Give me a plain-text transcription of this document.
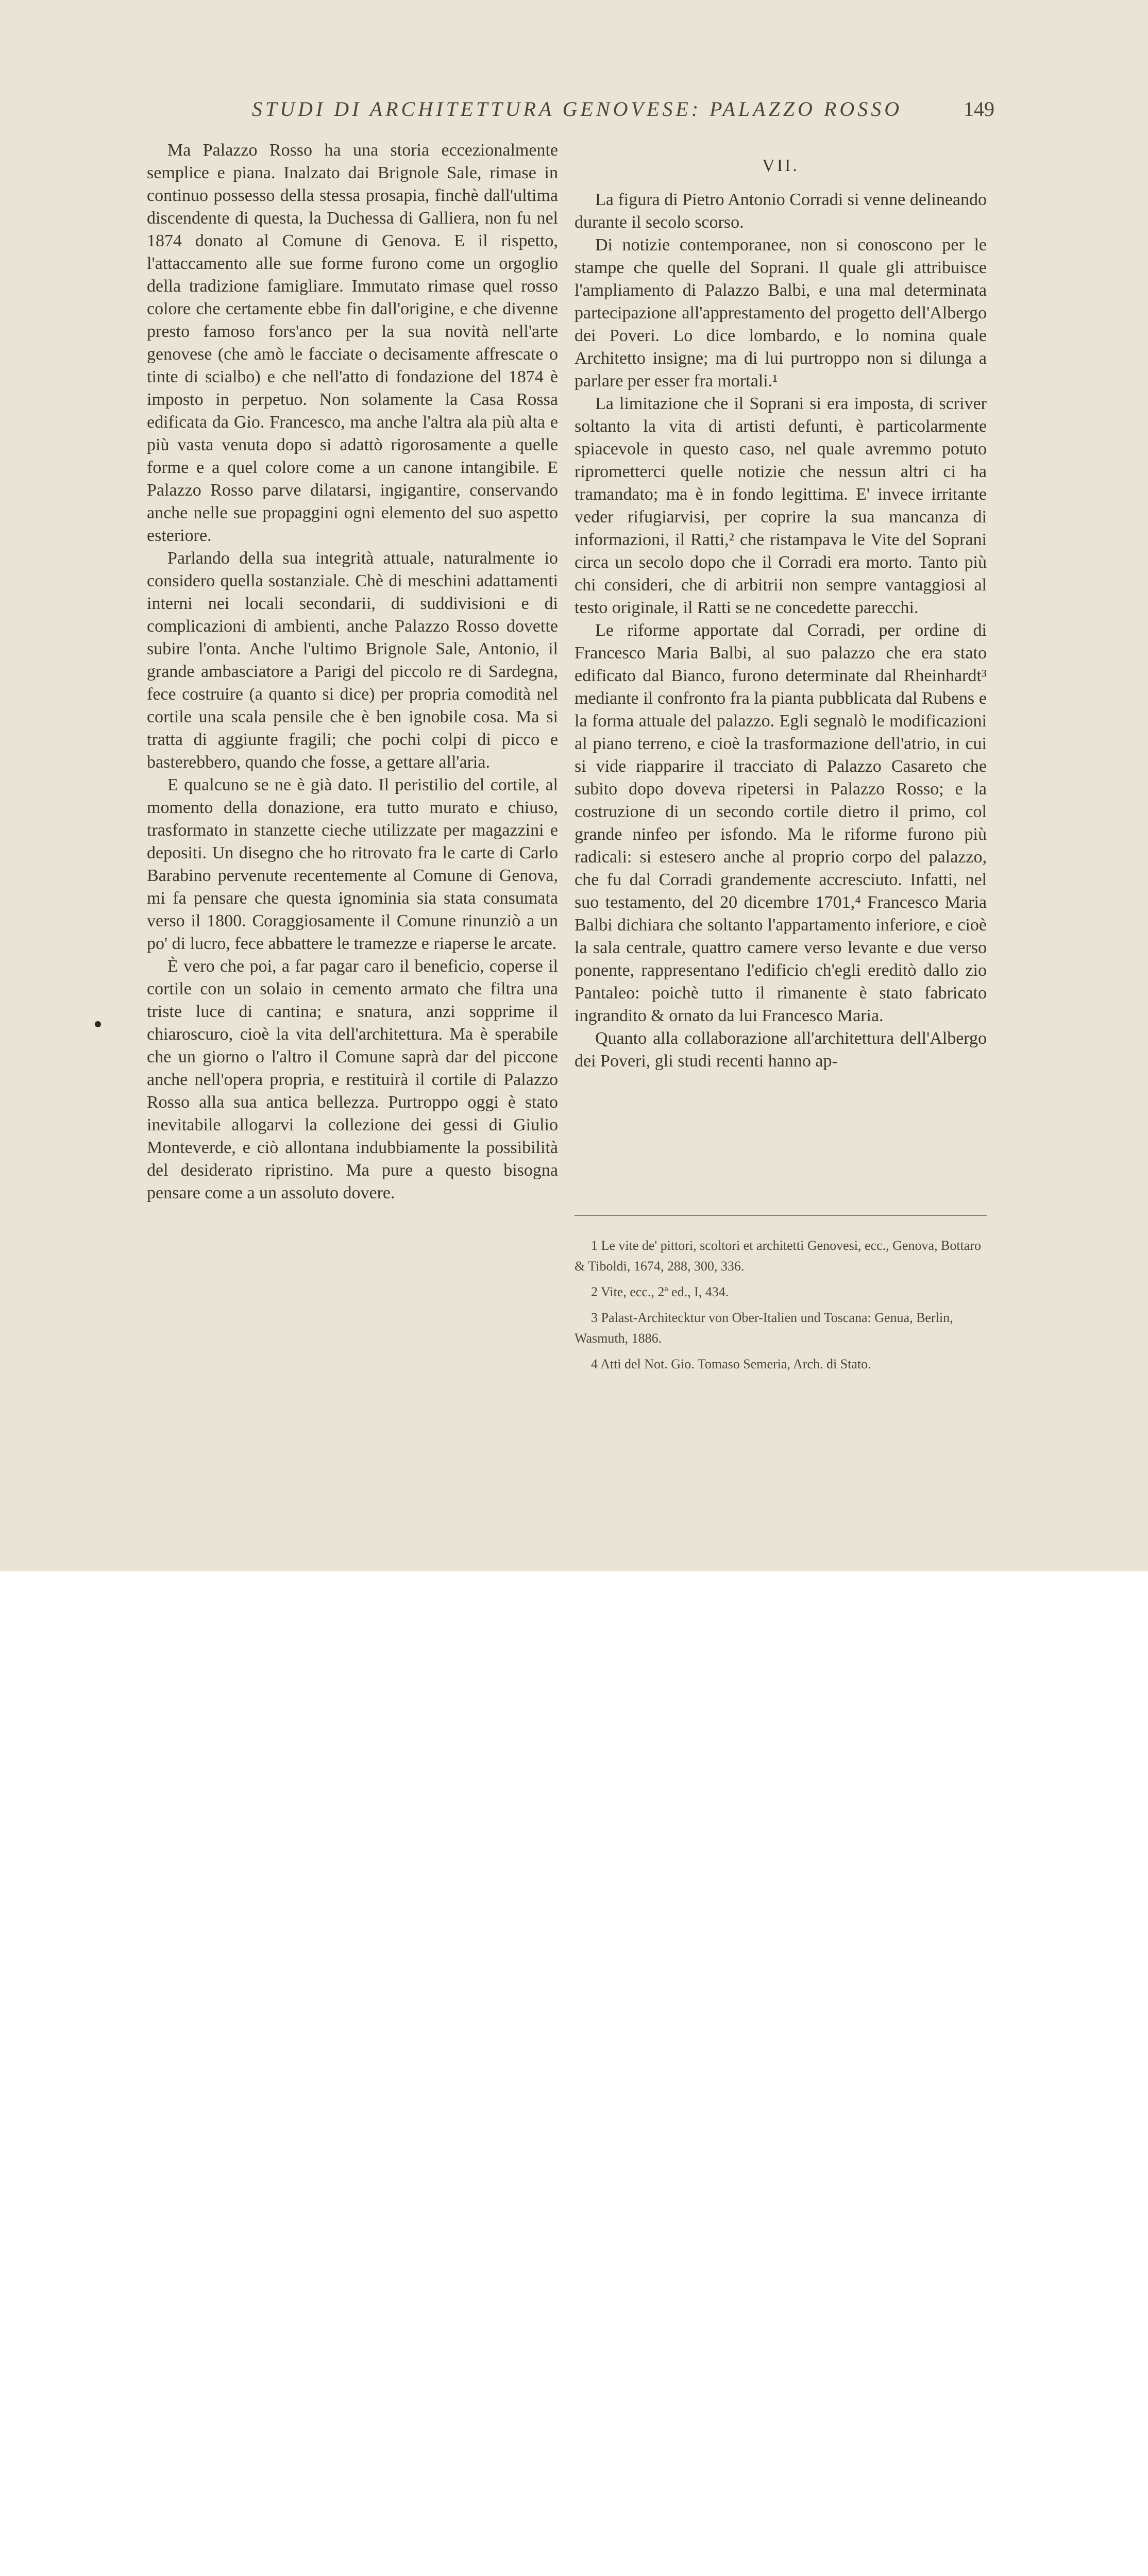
STUDI DI ARCHITETTURA GENOVESE: PALAZZO ROSSO	149

Ma Palazzo Rosso ha una storia eccezionalmente semplice e piana. Inalzato dai Brignole Sale, rimase in continuo possesso della stessa prosapia, finchè dall'ultima discendente di questa, la Duchessa di Galliera, non fu nel 1874 donato al Comune di Genova. E il rispetto, l'attaccamento alle sue forme furono come un orgoglio della tradizione famigliare. Immutato rimase quel rosso colore che certamente ebbe fin dall'origine, e che divenne presto famoso fors'anco per la sua novità nell'arte genovese (che amò le facciate o decisamente affrescate o tinte di scialbo) e che nell'atto di fondazione del 1874 è imposto in perpetuo. Non solamente la Casa Rossa edificata da Gio. Francesco, ma anche l'altra ala più alta e più vasta venuta dopo si adattò rigorosamente a quelle forme e a quel colore come a un canone intangibile. E Palazzo Rosso parve dilatarsi, ingigantire, conservando anche nelle sue propaggini ogni elemento del suo aspetto esteriore.

Parlando della sua integrità attuale, naturalmente io considero quella sostanziale. Chè di meschini adattamenti interni nei locali secondarii, di suddivisioni e di complicazioni di ambienti, anche Palazzo Rosso dovette subire l'onta. Anche l'ultimo Brignole Sale, Antonio, il grande ambasciatore a Parigi del piccolo re di Sardegna, fece costruire (a quanto si dice) per propria comodità nel cortile una scala pensile che è ben ignobile cosa. Ma si tratta di aggiunte fragili; che pochi colpi di picco e basterebbero, quando che fosse, a gettare all'aria.

E qualcuno se ne è già dato. Il peristilio del cortile, al momento della donazione, era tutto murato e chiuso, trasformato in stanzette cieche utilizzate per magazzini e depositi. Un disegno che ho ritrovato fra le carte di Carlo Barabino pervenute recentemente al Comune di Genova, mi fa pensare che questa ignominia sia stata consumata verso il 1800. Coraggiosamente il Comune rinunziò a un po' di lucro, fece abbattere le tramezze e riaperse le arcate.

È vero che poi, a far pagar caro il beneficio, coperse il cortile con un solaio in cemento armato che filtra una triste luce di cantina; e snatura, anzi sopprime il chiaroscuro, cioè la vita dell'architettura. Ma è sperabile che un giorno o l'altro il Comune saprà dar del piccone anche nell'opera propria, e restituirà il cortile di Palazzo Rosso alla sua antica bellezza. Purtroppo oggi è stato inevitabile allogarvi la collezione dei gessi di Giulio Monteverde, e ciò allontana indubbiamente la possibilità del desiderato ripristino. Ma pure a questo bisogna pensare come a un assoluto dovere.

VII.

La figura di Pietro Antonio Corradi si venne delineando durante il secolo scorso.

Di notizie contemporanee, non si conoscono per le stampe che quelle del Soprani. Il quale gli attribuisce l'ampliamento di Palazzo Balbi, e una mal determinata partecipazione all'apprestamento del progetto dell'Albergo dei Poveri. Lo dice lombardo, e lo nomina quale Architetto insigne; ma di lui purtroppo non si dilunga a parlare per esser fra mortali.¹

La limitazione che il Soprani si era imposta, di scriver soltanto la vita di artisti defunti, è particolarmente spiacevole in questo caso, nel quale avremmo potuto riprometterci quelle notizie che nessun altri ci ha tramandato; ma è in fondo legittima. E' invece irritante veder rifugiarvisi, per coprire la sua mancanza di informazioni, il Ratti,² che ristampava le Vite del Soprani circa un secolo dopo che il Corradi era morto. Tanto più chi consideri, che di arbitrii non sempre vantaggiosi al testo originale, il Ratti se ne concedette parecchi.

Le riforme apportate dal Corradi, per ordine di Francesco Maria Balbi, al suo palazzo che era stato edificato dal Bianco, furono determinate dal Rheinhardt³ mediante il confronto fra la pianta pubblicata dal Rubens e la forma attuale del palazzo. Egli segnalò le modificazioni al piano terreno, e cioè la trasformazione dell'atrio, in cui si vide riapparire il tracciato di Palazzo Casareto che subito dopo doveva ripetersi in Palazzo Rosso; e la costruzione di un secondo cortile dietro il primo, col grande ninfeo per isfondo. Ma le riforme furono più radicali: si estesero anche al proprio corpo del palazzo, che fu dal Corradi grandemente accresciuto. Infatti, nel suo testamento, del 20 dicembre 1701,⁴ Francesco Maria Balbi dichiara che soltanto l'appartamento inferiore, e cioè la sala centrale, quattro camere verso levante e due verso ponente, rappresentano l'edificio ch'egli ereditò dallo zio Pantaleo: poichè tutto il rimanente è stato fabricato ingrandito & ornato da lui Francesco Maria.

Quanto alla collaborazione all'architettura dell'Albergo dei Poveri, gli studi recenti hanno ap-

1 Le vite de' pittori, scoltori et architetti Genovesi, ecc., Genova, Bottaro & Tiboldi, 1674, 288, 300, 336.

2 Vite, ecc., 2ª ed., I, 434.

3 Palast-Architecktur von Ober-Italien und Toscana: Genua, Berlin, Wasmuth, 1886.

4 Atti del Not. Gio. Tomaso Semeria, Arch. di Stato.
